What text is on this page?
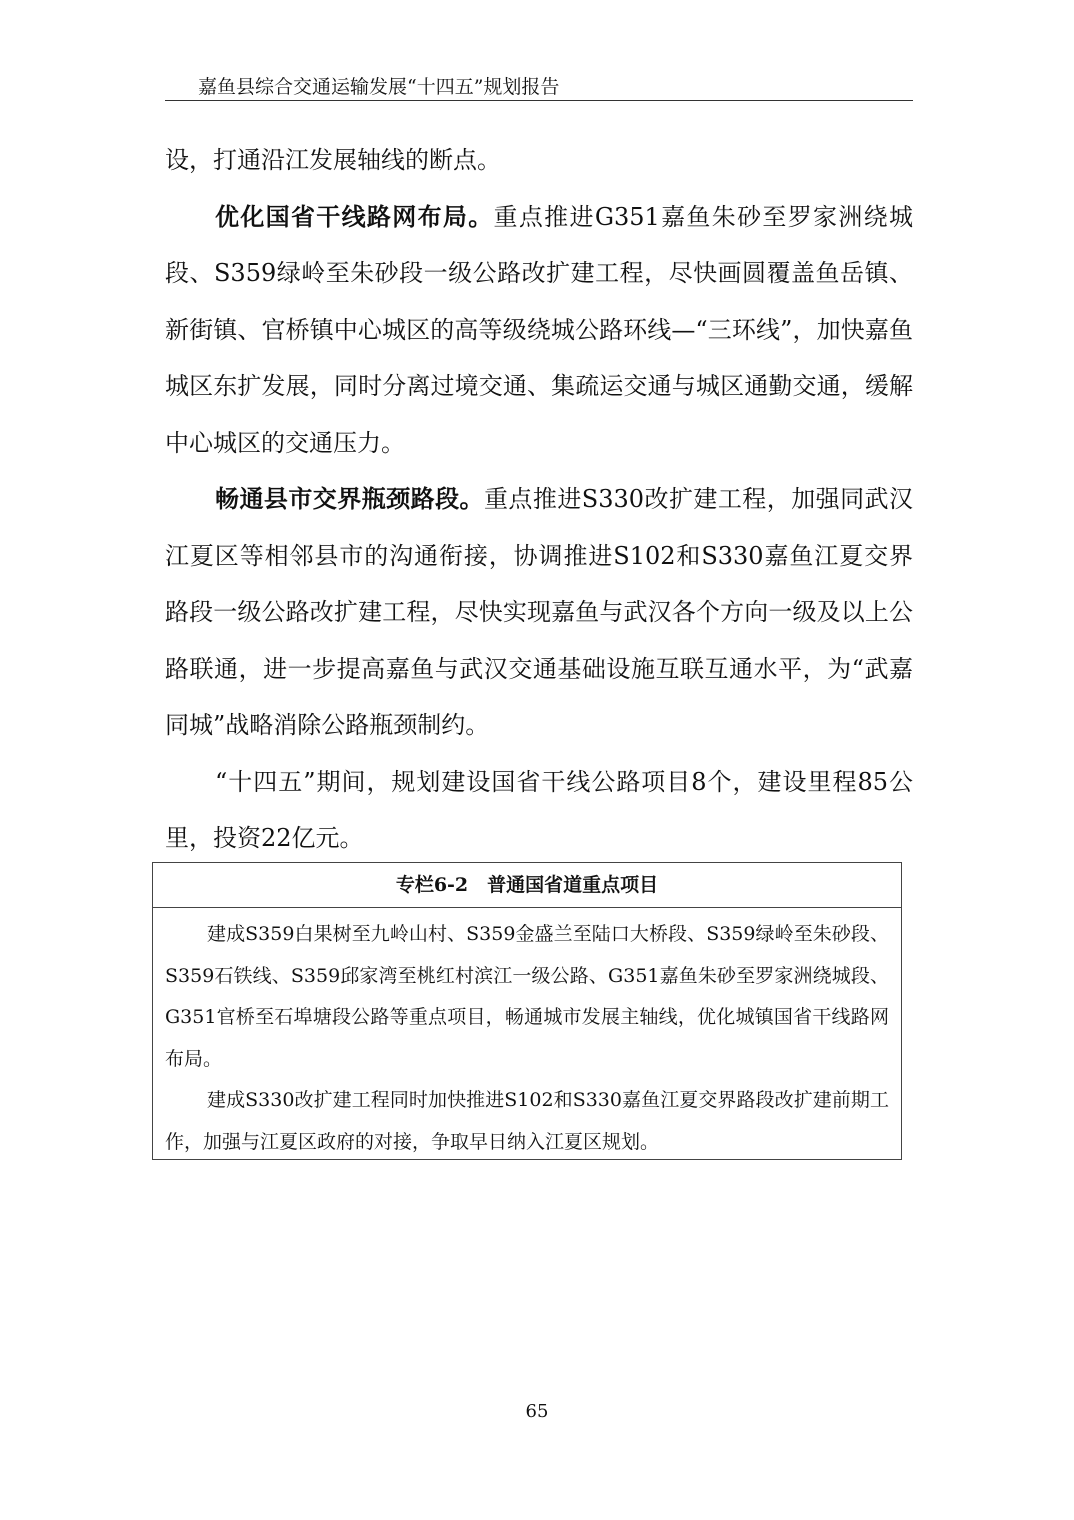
嘉鱼县综合交通运输发展“十四五”规划报告

设，打通沿江发展轴线的断点。

优化国省干线路网布局。重点推进G351嘉鱼朱砂至罗家洲绕城段、S359绿岭至朱砂段一级公路改扩建工程，尽快画圆覆盖鱼岳镇、新街镇、官桥镇中心城区的高等级绕城公路环线—“三环线”，加快嘉鱼城区东扩发展，同时分离过境交通、集疏运交通与城区通勤交通，缓解中心城区的交通压力。

畅通县市交界瓶颈路段。重点推进S330改扩建工程，加强同武汉江夏区等相邻县市的沟通衔接，协调推进S102和S330嘉鱼江夏交界路段一级公路改扩建工程，尽快实现嘉鱼与武汉各个方向一级及以上公路联通，进一步提高嘉鱼与武汉交通基础设施互联互通水平，为“武嘉同城”战略消除公路瓶颈制约。

“十四五”期间，规划建设国省干线公路项目8个，建设里程85公里，投资22亿元。

专栏6-2　普通国省道重点项目

建成S359白果树至九岭山村、S359金盛兰至陆口大桥段、S359绿岭至朱砂段、S359石铁线、S359邱家湾至桃红村滨江一级公路、G351嘉鱼朱砂至罗家洲绕城段、G351官桥至石埠塘段公路等重点项目，畅通城市发展主轴线，优化城镇国省干线路网布局。

建成S330改扩建工程同时加快推进S102和S330嘉鱼江夏交界路段改扩建前期工作，加强与江夏区政府的对接，争取早日纳入江夏区规划。

65
